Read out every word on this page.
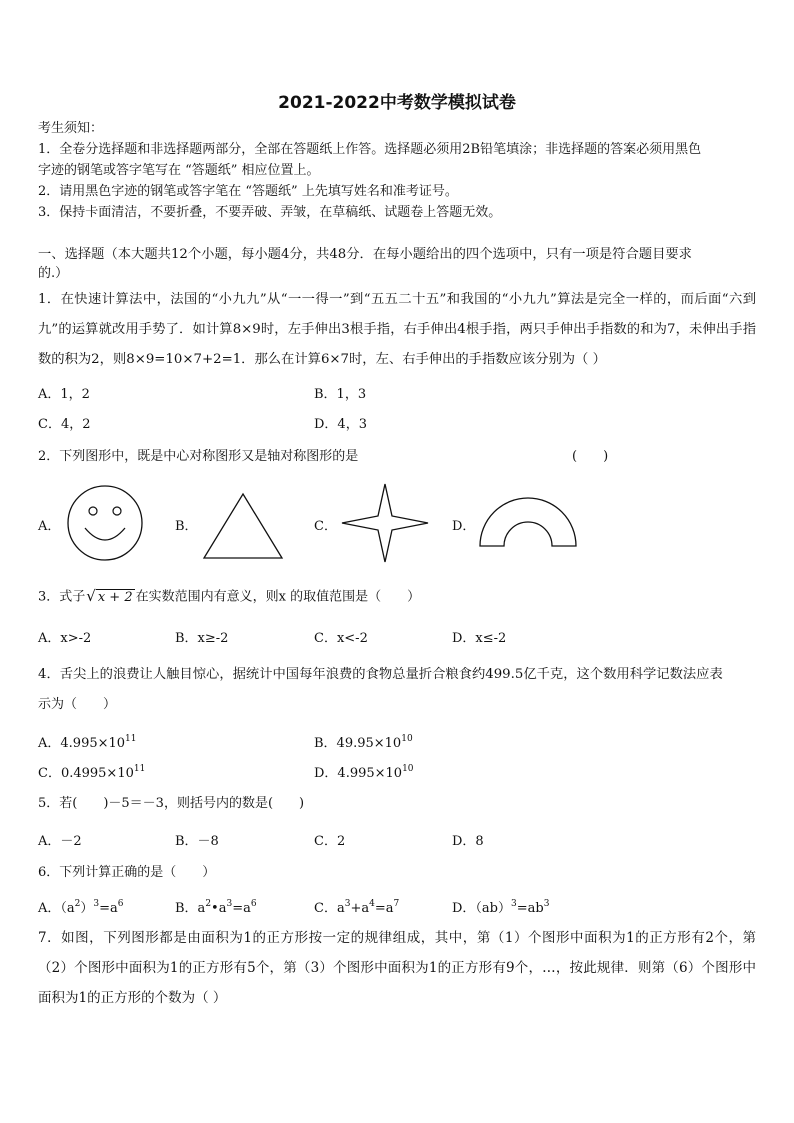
2021-2022中考数学模拟试卷
考生须知：
1．全卷分选择题和非选择题两部分，全部在答题纸上作答。选择题必须用2B铅笔填涂；非选择题的答案必须用黑色
字迹的钢笔或答字笔写在 “答题纸” 相应位置上。
2．请用黑色字迹的钢笔或答字笔在 “答题纸” 上先填写姓名和准考证号。
3．保持卡面清洁，不要折叠，不要弄破、弄皱，在草稿纸、试题卷上答题无效。
一、选择题（本大题共12个小题，每小题4分，共48分．在每小题给出的四个选项中，只有一项是符合题目要求
的.）
1．在快速计算法中，法国的“小九九”从“一一得一”到“五五二十五”和我国的“小九九”算法是完全一样的，而后面“六到九”的运算就改用手势了．如计算8×9时，左手伸出3根手指，右手伸出4根手指，两只手伸出手指数的和为7，未伸出手指数的积为2，则8×9=10×7+2=1．那么在计算6×7时，左、右手伸出的手指数应该分别为（ ）
A．1，2	B．1，3
C．4，2	D．4，3
2．下列图形中，既是中心对称图形又是轴对称图形的是	(　　)
A．	B．	C．	D．
3．式子√ x + 2 在实数范围内有意义，则x 的取值范围是（　　）
A．x>-2	B．x≥-2	C．x<-2	D．x≤-2
4．舌尖上的浪费让人触目惊心，据统计中国每年浪费的食物总量折合粮食约499.5亿千克，这个数用科学记数法应表
示为（　　）
A．$4.995\times 10^{11}$	B．$49.95\times 10^{10}$
C．$0.4995\times 10^{11}$	D．$4.995\times 10^{10}$
5．若(　　)－5＝－3，则括号内的数是(　　)
A．－2	B．－8	C．2	D．8
6．下列计算正确的是（　　）
A．$(a^2)^3=a^6$	B．$a^2•a^3=a^6$	C．$a^3+a^4=a^7$	D．$(ab)^3=ab^3$
7．如图，下列图形都是由面积为1的正方形按一定的规律组成，其中，第（1）个图形中面积为1的正方形有2个，第（2）个图形中面积为1的正方形有5个，第（3）个图形中面积为1的正方形有9个，…，按此规律．则第（6）个图形中面积为1的正方形的个数为（ ）
